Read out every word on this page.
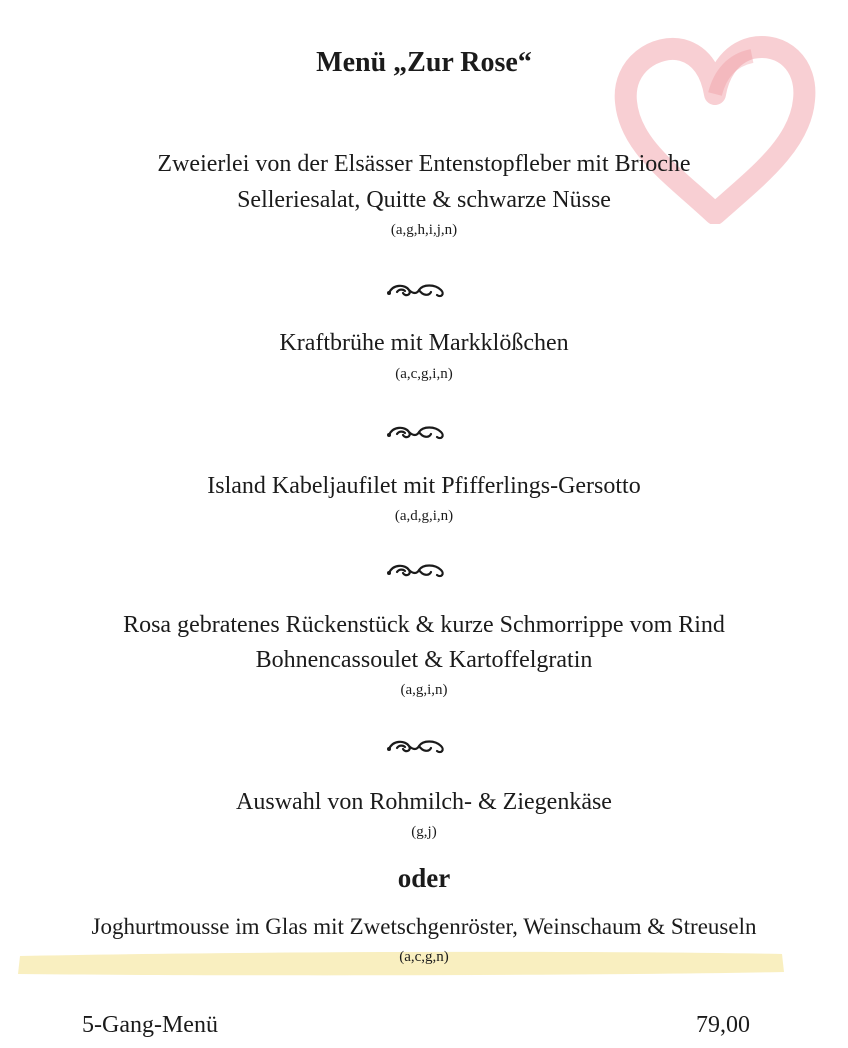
Menü „Zur Rose“
Zweierlei von der Elsässer Entenstopfleber mit Brioche
Selleriesalat, Quitte & schwarze Nüsse
(a,g,h,i,j,n)
Kraftbrühe mit Markklößchen
(a,c,g,i,n)
Island Kabeljaufilet mit Pfifferlings-Gersotto
(a,d,g,i,n)
Rosa gebratenes Rückenstück & kurze Schmorrippe vom Rind
Bohnencassoulet & Kartoffelgratin
(a,g,i,n)
Auswahl von Rohmilch- & Ziegenkäse
(g,j)
oder
Joghurtmousse im Glas mit Zwetschgenröster, Weinschaum & Streuseln
(a,c,g,n)
5-Gang-Menü	79,00
